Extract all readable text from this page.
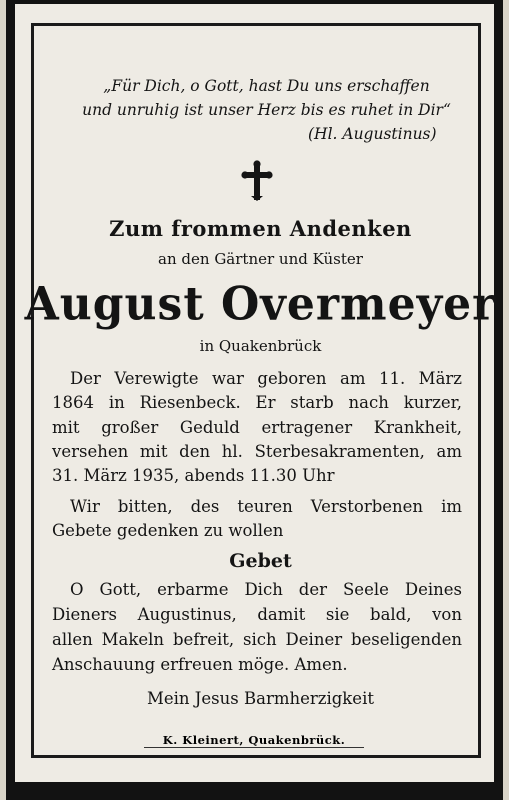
„Für Dich, o Gott, hast Du uns erschaffen
und unruhig ist unser Herz bis es ruhet in Dir“
(Hl. Augustinus)
Zum frommen Andenken
an den Gärtner und Küster
August Overmeyer
in Quakenbrück
Der Verewigte war geboren am 11. März
1864 in Riesenbeck. Er starb nach kurzer,
mit großer Geduld ertragener Krankheit,
versehen mit den hl. Sterbesakramenten, am
31. März 1935, abends 11.30 Uhr
Wir bitten, des teuren Verstorbenen im
Gebete gedenken zu wollen
Gebet
O Gott, erbarme Dich der Seele Deines
Dieners Augustinus, damit sie bald, von
allen Makeln befreit, sich Deiner beseligenden
Anschauung erfreuen möge. Amen.
Mein Jesus Barmherzigkeit
K. Kleinert, Quakenbrück.
